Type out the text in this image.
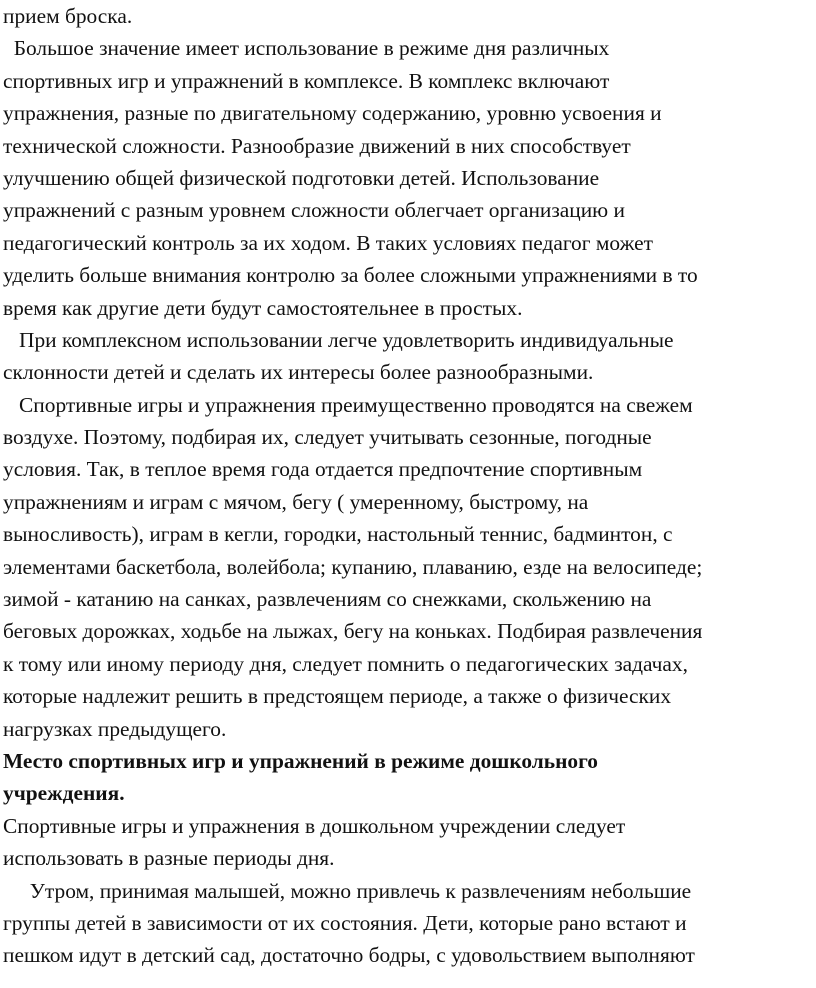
прием броска.

Большое значение имеет использование в режиме дня различных
спортивных игр и упражнений в комплексе. В комплекс включают
упражнения, разные по двигательному содержанию, уровню усвоения и
технической сложности. Разнообразие движений в них способствует
улучшению общей физической подготовки детей. Использование
упражнений с разным уровнем сложности облегчает организацию и
педагогический контроль за их ходом. В таких условиях педагог может
уделить больше внимания контролю за более сложными упражнениями в то
время как другие дети будут самостоятельнее в простых.

При комплексном использовании легче удовлетворить индивидуальные
склонности детей и сделать их интересы более разнообразными.

Спортивные игры и упражнения преимущественно проводятся на свежем
воздухе. Поэтому, подбирая их, следует учитывать сезонные, погодные
условия. Так, в теплое время года отдается предпочтение спортивным
упражнениям и играм с мячом, бегу ( умеренному, быстрому, на
выносливость), играм в кегли, городки, настольный теннис, бадминтон, с
элементами баскетбола, волейбола; купанию, плаванию, езде на велосипеде;
зимой - катанию на санках, развлечениям со снежками, скольжению на
беговых дорожках, ходьбе на лыжах, бегу на коньках. Подбирая развлечения
к тому или иному периоду дня, следует помнить о педагогических задачах,
которые надлежит решить в предстоящем периоде, а также о физических
нагрузках предыдущего.

Место спортивных игр и упражнений в режиме дошкольного
учреждения.

Спортивные игры и упражнения в дошкольном учреждении следует
использовать в разные периоды дня.

Утром, принимая малышей, можно привлечь к развлечениям небольшие
группы детей в зависимости от их состояния. Дети, которые рано встают и
пешком идут в детский сад, достаточно бодры, с удовольствием выполняют
